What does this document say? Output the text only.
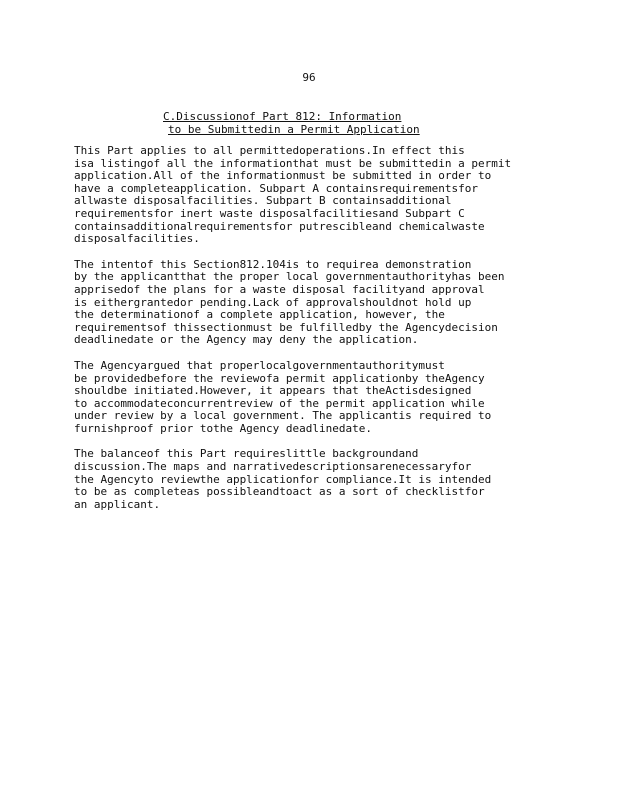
96
C.Discussionof Part 812: Information
to be Submittedin a Permit Application

This Part applies to all permittedoperations.In effect this
isa listingof all the informationthat must be submittedin a permit
application.All of the informationmust be submitted in order to
have a completeapplication. Subpart A containsrequirementsfor
allwaste disposalfacilities. Subpart B containsadditional
requirementsfor inert waste disposalfacilitiesand Subpart C
containsadditionalrequirementsfor putrescibleand chemicalwaste
disposalfacilities.

The intentof this Section812.104is to requirea demonstration
by the applicantthat the proper local governmentauthorityhas been
apprisedof the plans for a waste disposal facilityand approval
is eithergrantedor pending.Lack of approvalshouldnot hold up
the determinationof a complete application, however, the
requirementsof thissectionmust be fulfilledby the Agencydecision
deadlinedate or the Agency may deny the application.

The Agencyargued that properlocalgovernmentauthoritymust
be providedbefore the reviewofa permit applicationby theAgency
shouldbe initiated.However, it appears that theActisdesigned
to accommodateconcurrentreview of the permit application while
under review by a local government. The applicantis required to
furnishproof prior tothe Agency deadlinedate.

The balanceof this Part requireslittle backgroundand
discussion.The maps and narrativedescriptionsarenecessaryfor
the Agencyto reviewthe applicationfor compliance.It is intended
to be as completeas possibleandtoact as a sort of checklistfor
an applicant.
